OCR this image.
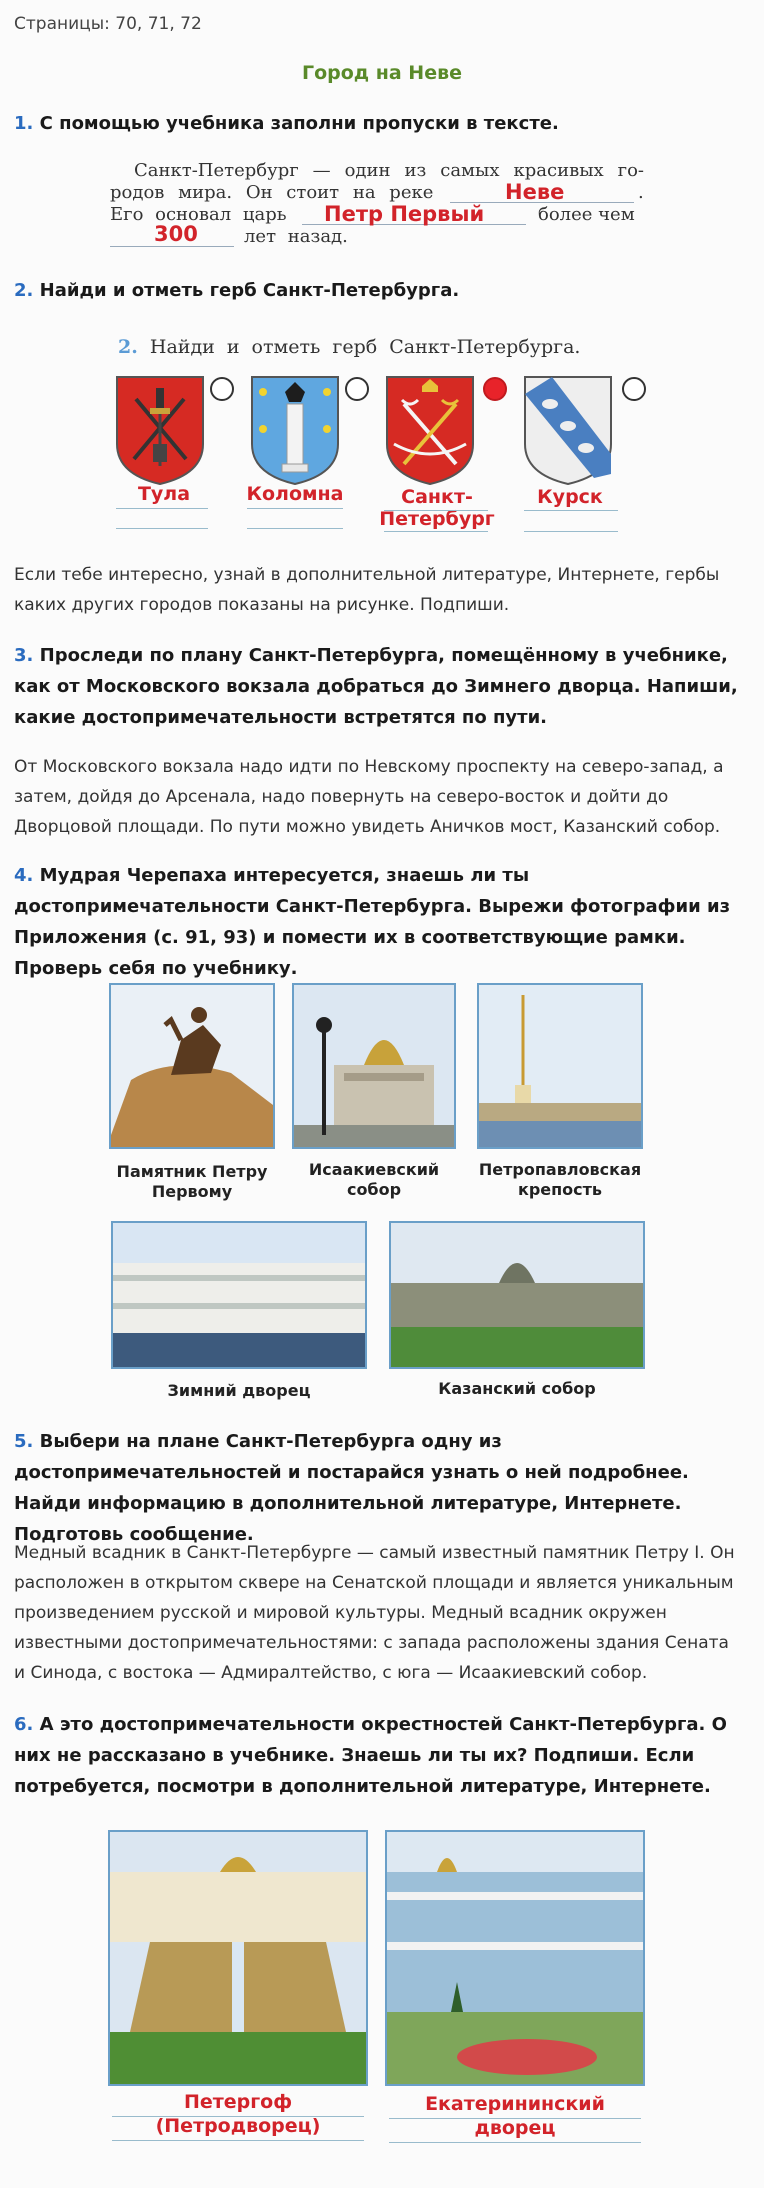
Страницы: 70, 71, 72
Город на Неве
1. С помощью учебника заполни пропуски в тексте.
Санкт-Петербург — один из самых красивых го-
родов мира. Он стоит на реке	Неве	.
Его основал царь Петр Первый	более чем
300	лет назад.
2. Найди и отметь герб Санкт-Петербурга.
2. Найди и отметь герб Санкт-Петербурга.
Тула	Коломна	Санкт-Петербург
Курск
Если тебе интересно, узнай в дополнительной литературе, Интернете, гербы каких других городов показаны на рисунке. Подпиши.
3. Проследи по плану Санкт-Петербурга, помещённому в учебнике, как от Московского вокзала добраться до Зимнего дворца. Напиши, какие достопримечательности встретятся по пути.
От Московского вокзала надо идти по Невскому проспекту на северо-запад, а затем, дойдя до Арсенала, надо повернуть на северо-восток и дойти до Дворцовой площади. По пути можно увидеть Аничков мост, Казанский собор.
4. Мудрая Черепаха интересуется, знаешь ли ты достопримечательности Санкт-Петербурга. Вырежи фотографии из Приложения (с. 91, 93) и помести их в соответствующие рамки. Проверь себя по учебнику.
Памятник Петру Первому
Исаакиевский собор
Петропавловская крепость
Зимний дворец	Казанский собор
5. Выбери на плане Санкт-Петербурга одну из достопримечательностей и постарайся узнать о ней подробнее. Найди информацию в дополнительной литературе, Интернете. Подготовь сообщение.
Медный всадник в Санкт-Петербурге — самый известный памятник Петру I. Он расположен в открытом сквере на Сенатской площади и является уникальным произведением русской и мировой культуры. Медный всадник окружен известными достопримечательностями: с запада расположены здания Сената и Синода, с востока — Адмиралтейство, с юга — Исаакиевский собор.
6. А это достопримечательности окрестностей Санкт-Петербурга. О них не рассказано в учебнике. Знаешь ли ты их? Подпиши. Если потребуется, посмотри в дополнительной литературе, Интернете.
Петергоф (Петродворец)
Екатерининский дворец
